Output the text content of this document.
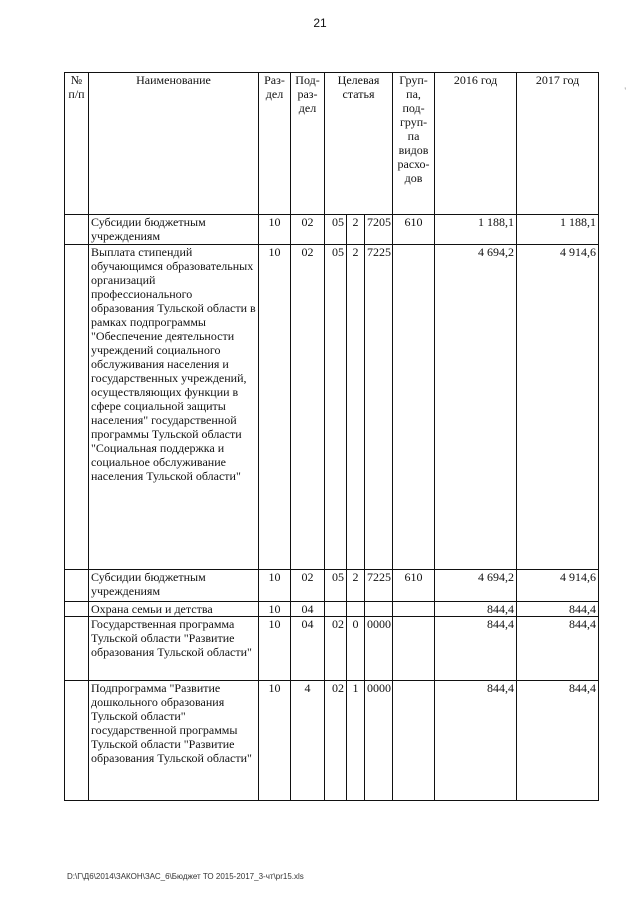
21
'
№ п/п	Наименование	Раз-дел	Под-раз-дел	Целевая статья			Груп-па, под-груп-па видов расхо-дов	2016 год	2017 год
	Субсидии бюджетным учреждениям	10	02	05	2	7205	610	1 188,1	1 188,1
	Выплата стипендий обучающимся образовательных организаций профессионального образования Тульской области в рамках подпрограммы "Обеспечение деятельности учреждений социального обслуживания населения и государственных учреждений, осуществляющих функции в сфере социальной защиты населения" государственной программы Тульской области "Социальная поддержка и социальное обслуживание населения Тульской области"	10	02	05	2	7225		4 694,2	4 914,6
	Субсидии бюджетным учреждениям	10	02	05	2	7225	610	4 694,2	4 914,6
	Охрана семьи и детства	10	04					844,4	844,4
	Государственная программа Тульской области "Развитие образования Тульской области"	10	04	02	0	0000		844,4	844,4
	Подпрограмма "Развитие дошкольного образования Тульской области" государственной программы Тульской области "Развитие образования Тульской области"	10	4	02	1	0000		844,4	844,4
D:\Г\Д6\2014\ЗАКОН\ЗАС_6\Бюджет ТО 2015-2017_3-чт\pr15.xls
